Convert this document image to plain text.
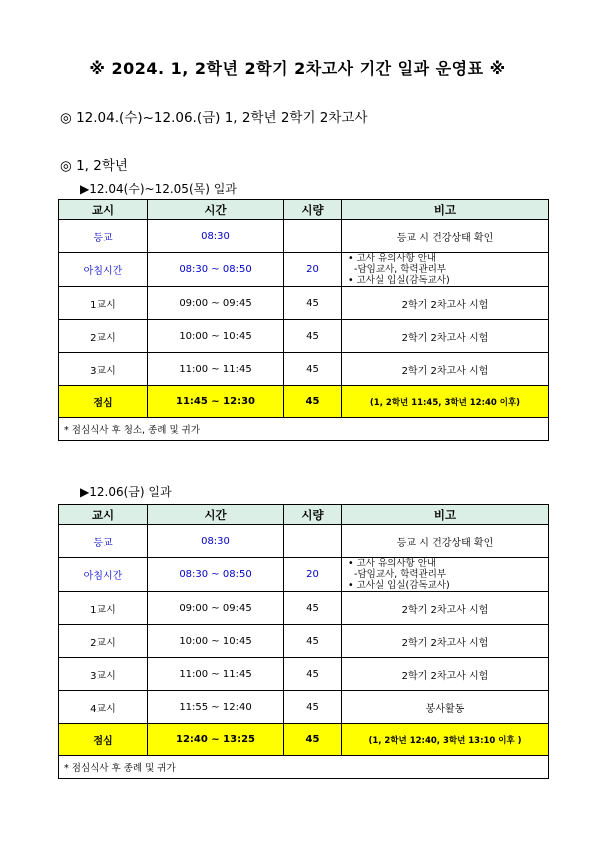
※ 2024. 1, 2학년 2학기 2차고사 기간 일과 운영표 ※
◎ 12.04.(수)~12.06.(금) 1, 2학년 2학기 2차고사
◎ 1, 2학년
▶12.04(수)~12.05(목) 일과
교시	시간	시량	비고
등교	08:30		등교 시 건강상태 확인
아침시간	08:30 ~ 08:50	20	• 고사 유의사항 안내
-담임교사, 학력관리부
• 고사실 입실(감독교사)

1교시	09:00 ~ 09:45	45	2학기 2차고사 시험
2교시	10:00 ~ 10:45	45	2학기 2차고사 시험
3교시	11:00 ~ 11:45	45	2학기 2차고사 시험
점심	11:45 ~ 12:30	45	(1, 2학년 11:45, 3학년 12:40 이후)
* 점심식사 후 청소, 종례 및 귀가			
▶12.06(금) 일과
교시	시간	시량	비고
등교	08:30		등교 시 건강상태 확인
아침시간	08:30 ~ 08:50	20	• 고사 유의사항 안내
-담임교사, 학력관리부
• 고사실 입실(감독교사)

1교시	09:00 ~ 09:45	45	2학기 2차고사 시험
2교시	10:00 ~ 10:45	45	2학기 2차고사 시험
3교시	11:00 ~ 11:45	45	2학기 2차고사 시험
4교시	11:55 ~ 12:40	45	봉사활동
점심	12:40 ~ 13:25	45	(1, 2학년 12:40, 3학년 13:10 이후 )
* 점심식사 후 종례 및 귀가			
